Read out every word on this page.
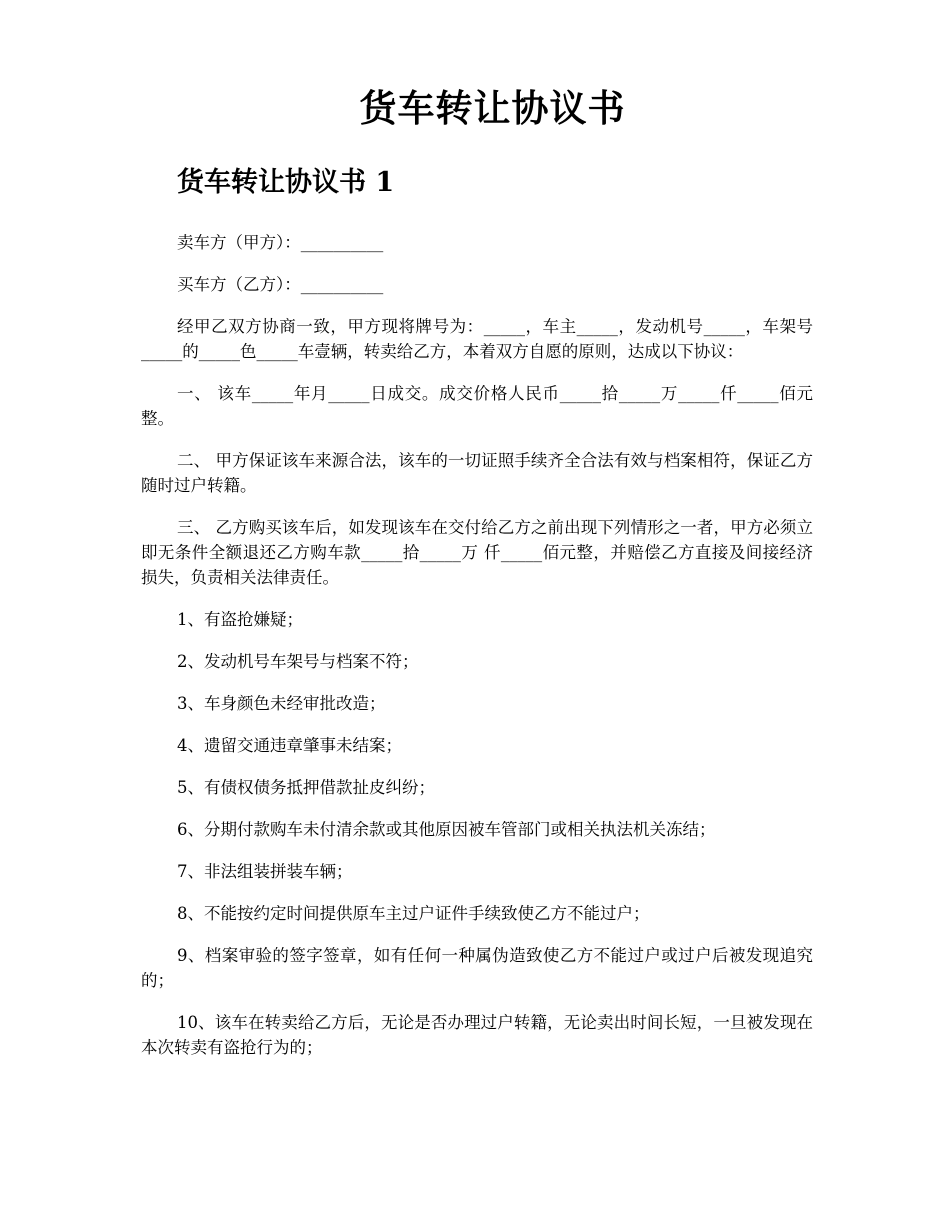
货车转让协议书
货车转让协议书 1

卖车方（甲方）：__________

买车方（乙方）：__________

经甲乙双方协商一致，甲方现将牌号为：_____，车主_____，发动机号_____，车架号_____的_____色_____车壹辆，转卖给乙方，本着双方自愿的原则，达成以下协议：

一、 该车_____年月_____日成交。成交价格人民币_____拾_____万_____仟_____佰元整。

二、 甲方保证该车来源合法，该车的一切证照手续齐全合法有效与档案相符，保证乙方随时过户转籍。

三、 乙方购买该车后，如发现该车在交付给乙方之前出现下列情形之一者，甲方必须立即无条件全额退还乙方购车款_____拾_____万 仟_____佰元整，并赔偿乙方直接及间接经济损失，负责相关法律责任。

1、有盗抢嫌疑；

2、发动机号车架号与档案不符；

3、车身颜色未经审批改造；

4、遗留交通违章肇事未结案；

5、有债权债务抵押借款扯皮纠纷；

6、分期付款购车未付清余款或其他原因被车管部门或相关执法机关冻结；

7、非法组装拼装车辆；

8、不能按约定时间提供原车主过户证件手续致使乙方不能过户；

9、档案审验的签字签章，如有任何一种属伪造致使乙方不能过户或过户后被发现追究的；

10、该车在转卖给乙方后，无论是否办理过户转籍，无论卖出时间长短，一旦被发现在本次转卖有盗抢行为的；
